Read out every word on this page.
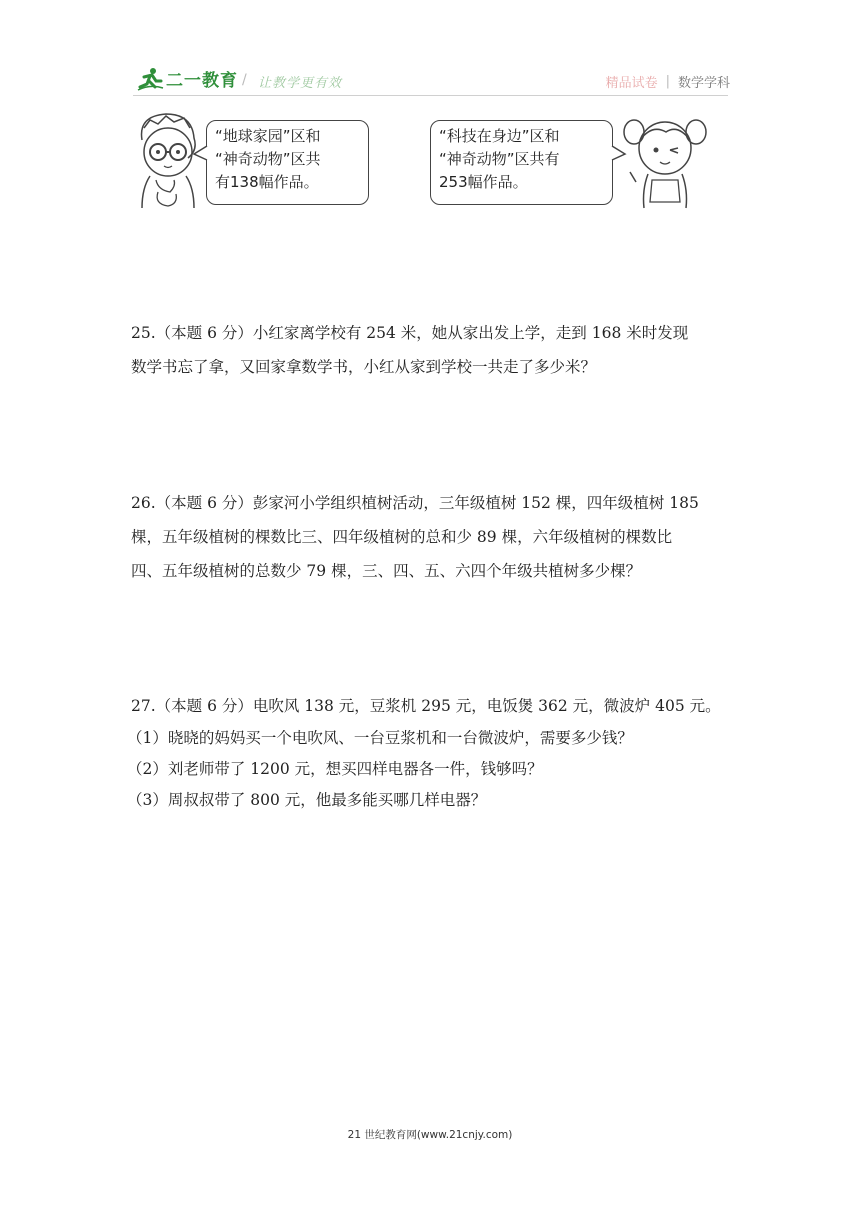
二一教育 / 让教学更有效	精品试卷 | 数学学科
“地球家园”区和
“神奇动物”区共
有138幅作品。
“科技在身边”区和
“神奇动物”区共有
253幅作品。
25.（本题 6 分）小红家离学校有 254 米，她从家出发上学，走到 168 米时发现
数学书忘了拿，又回家拿数学书，小红从家到学校一共走了多少米？
26.（本题 6 分）彭家河小学组织植树活动，三年级植树 152 棵，四年级植树 185
棵，五年级植树的棵数比三、四年级植树的总和少 89 棵，六年级植树的棵数比
四、五年级植树的总数少 79 棵，三、四、五、六四个年级共植树多少棵？
27.（本题 6 分）电吹风 138 元，豆浆机 295 元，电饭煲 362 元，微波炉 405 元。
（1）晓晓的妈妈买一个电吹风、一台豆浆机和一台微波炉，需要多少钱？
（2）刘老师带了 1200 元，想买四样电器各一件，钱够吗？
（3）周叔叔带了 800 元，他最多能买哪几样电器？
21 世纪教育网(www.21cnjy.com)
